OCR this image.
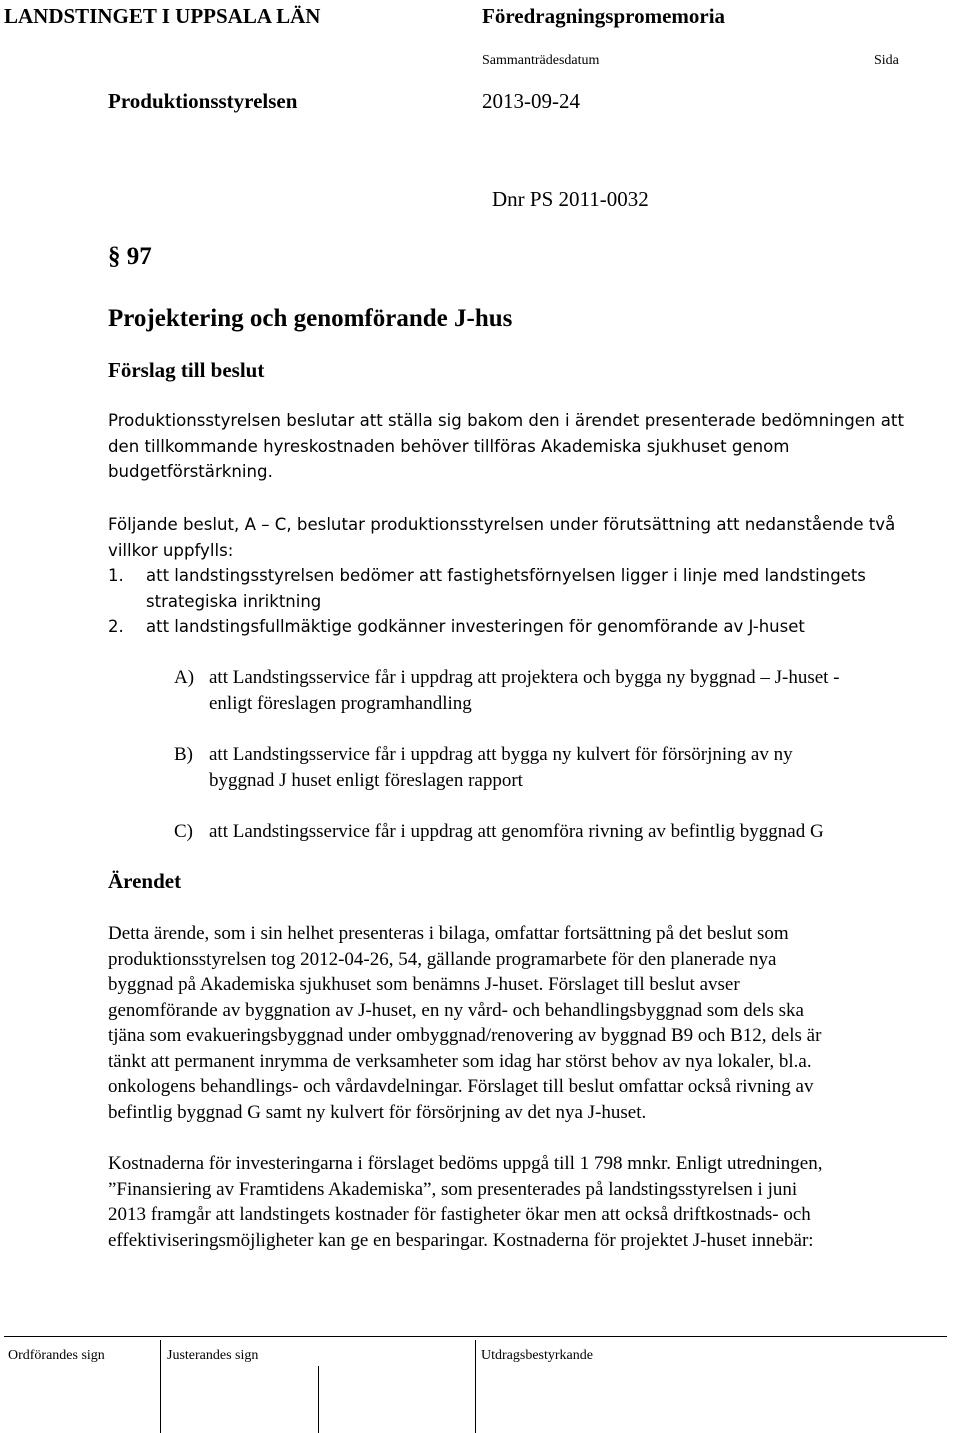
LANDSTINGET I UPPSALA LÄN	Föredragningspromemoria
Sammanträdesdatum	Sida
Produktionsstyrelsen	2013-09-24
Dnr PS 2011-0032
§ 97
Projektering och genomförande J-hus
Förslag till beslut
Produktionsstyrelsen beslutar att ställa sig bakom den i ärendet presenterade bedömningen att
den tillkommande hyreskostnaden behöver tillföras Akademiska sjukhuset genom
budgetförstärkning.
Följande beslut, A – C, beslutar produktionsstyrelsen under förutsättning att nedanstående två
villkor uppfylls:
1. att landstingsstyrelsen bedömer att fastighetsförnyelsen ligger i linje med landstingets
strategiska inriktning
2. att landstingsfullmäktige godkänner investeringen för genomförande av J-huset
A) att Landstingsservice får i uppdrag att projektera och bygga ny byggnad – J-huset -
enligt föreslagen programhandling
B) att Landstingsservice får i uppdrag att bygga ny kulvert för försörjning av ny
byggnad J huset enligt föreslagen rapport
C) att Landstingsservice får i uppdrag att genomföra rivning av befintlig byggnad G
Ärendet
Detta ärende, som i sin helhet presenteras i bilaga, omfattar fortsättning på det beslut som
produktionsstyrelsen tog 2012-04-26, 54, gällande programarbete för den planerade nya
byggnad på Akademiska sjukhuset som benämns J-huset. Förslaget till beslut avser
genomförande av byggnation av J-huset, en ny vård- och behandlingsbyggnad som dels ska
tjäna som evakueringsbyggnad under ombyggnad/renovering av byggnad B9 och B12, dels är
tänkt att permanent inrymma de verksamheter som idag har störst behov av nya lokaler, bl.a.
onkologens behandlings- och vårdavdelningar. Förslaget till beslut omfattar också rivning av
befintlig byggnad G samt ny kulvert för försörjning av det nya J-huset.
Kostnaderna för investeringarna i förslaget bedöms uppgå till 1 798 mnkr. Enligt utredningen,
”Finansiering av Framtidens Akademiska”, som presenterades på landstingsstyrelsen i juni
2013 framgår att landstingets kostnader för fastigheter ökar men att också driftkostnads- och
effektiviseringsmöjligheter kan ge en besparingar. Kostnaderna för projektet J-huset innebär:
Ordförandes sign	Justerandes sign	Utdragsbestyrkande
